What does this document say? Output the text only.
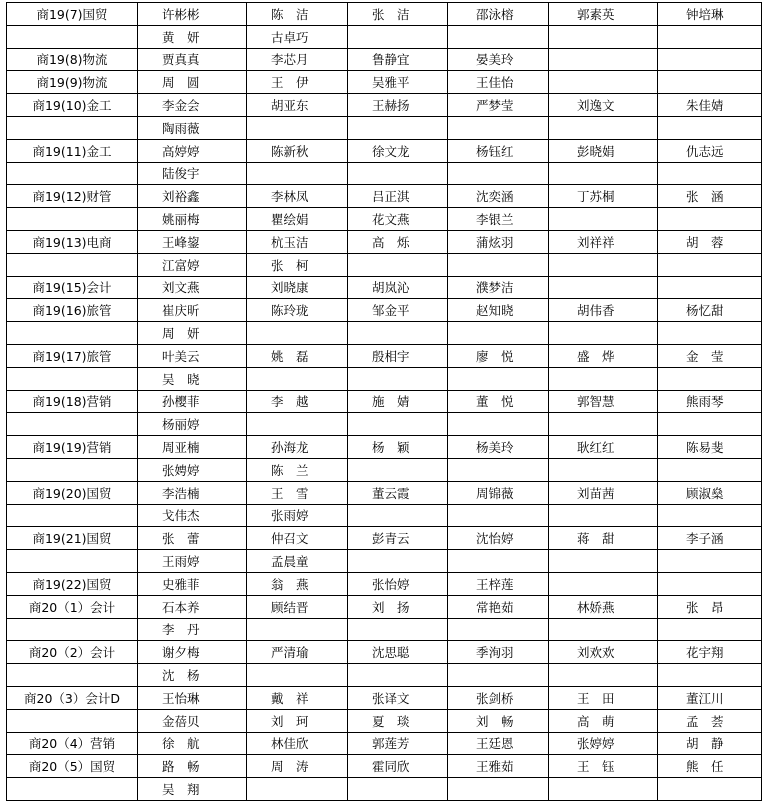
商19(7)国贸	许彬彬	陈　洁	张　洁	邵泳榕	郭素英	钟培琳
	黄　妍	古卓巧				
商19(8)物流	贾真真	李芯月	鲁静宜	晏美玲		
商19(9)物流	周　圆	王　伊	吴雅平	王佳怡		
商19(10)金工	李金会	胡亚东	王赫扬	严梦莹	刘逸文	朱佳婧
	陶雨薇					
商19(11)金工	高婷婷	陈新秋	徐文龙	杨钰红	彭晓娟	仇志远
	陆俊宇					
商19(12)财管	刘裕鑫	李林凤	吕正淇	沈奕涵	丁苏桐	张　涵
	姚丽梅	瞿绘娟	花文燕	李银兰		
商19(13)电商	王峰鋆	杭玉洁	高　烁	蒲炫羽	刘祥祥	胡　蓉
	江富婷	张　柯				
商19(15)会计	刘文燕	刘晓康	胡岚沁	濮梦洁		
商19(16)旅管	崔庆昕	陈玲珑	邹金平	赵知晓	胡伟香	杨忆甜
	周　妍					
商19(17)旅管	叶美云	姚　磊	殷相宇	廖　悦	盛　烨	金　莹
	吴　晓					
商19(18)营销	孙樱菲	李　越	施　婧	董　悦	郭智慧	熊雨琴
	杨丽婷					
商19(19)营销	周亚楠	孙海龙	杨　颖	杨美玲	耿红红	陈易斐
	张娉婷	陈　兰				
商19(20)国贸	李浩楠	王　雪	董云霞	周锦薇	刘苗茜	顾淑燊
	戈伟杰	张雨婷				
商19(21)国贸	张　蕾	仲召文	彭青云	沈怡婷	蒋　甜	李子涵
	王雨婷	孟晨童				
商19(22)国贸	史雅菲	翁　燕	张怡婷	王梓莲		
商20（1）会计	石本养	顾结晋	刘　扬	常艳茹	林娇燕	张　昂
	李　丹					
商20（2）会计	谢夕梅	严清瑜	沈思聪	季洵羽	刘欢欢	花宇翔
	沈　杨					
商20（3）会计D	王怡琳	戴　祥	张译文	张剑桥	王　田	董江川
	金蓓贝	刘　珂	夏　琰	刘　畅	高　萌	孟　荟
商20（4）营销	徐　航	林佳欣	郭莲芳	王廷恩	张婷婷	胡　静
商20（5）国贸	路　畅	周　涛	霍同欣	王雅茹	王　钰	熊　任
	吴　翔					
